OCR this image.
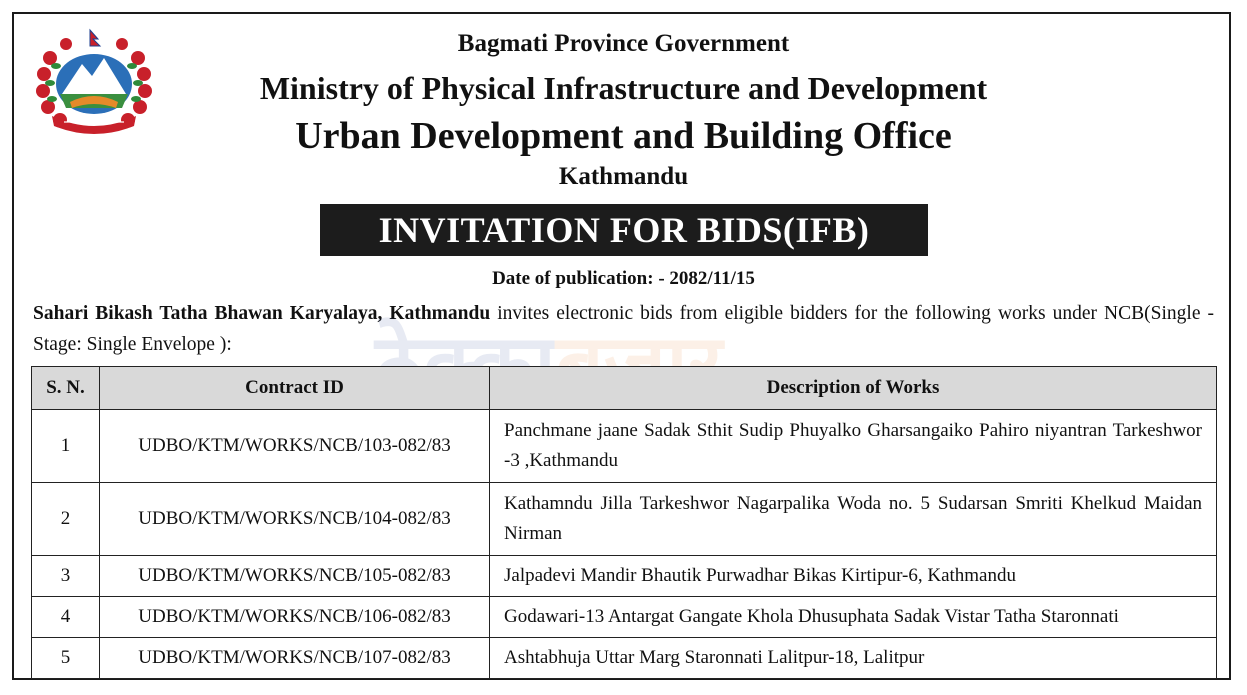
Bagmati Province Government
Ministry of Physical Infrastructure and Development
Urban Development and Building Office
Kathmandu
INVITATION FOR BIDS(IFB)
Date of publication: - 2082/11/15
Sahari Bikash Tatha Bhawan Karyalaya, Kathmandu invites electronic bids from eligible bidders for the following works under NCB(Single -Stage: Single Envelope ):	ठेक्काबजार
S. N.	Contract ID	Description of Works
1	UDBO/KTM/WORKS/NCB/103-082/83	Panchmane jaane Sadak Sthit Sudip Phuyalko Gharsangaiko Pahiro niyantran Tarkeshwor -3 ,Kathmandu
2	UDBO/KTM/WORKS/NCB/104-082/83	Kathamndu Jilla Tarkeshwor Nagarpalika Woda no. 5 Sudarsan Smriti Khelkud Maidan Nirman
3	UDBO/KTM/WORKS/NCB/105-082/83	Jalpadevi Mandir Bhautik Purwadhar Bikas Kirtipur-6, Kathmandu
4	UDBO/KTM/WORKS/NCB/106-082/83	Godawari-13 Antargat Gangate Khola Dhusuphata Sadak Vistar Tatha Staronnati
5	UDBO/KTM/WORKS/NCB/107-082/83	Ashtabhuja Uttar Marg Staronnati Lalitpur-18, Lalitpur
